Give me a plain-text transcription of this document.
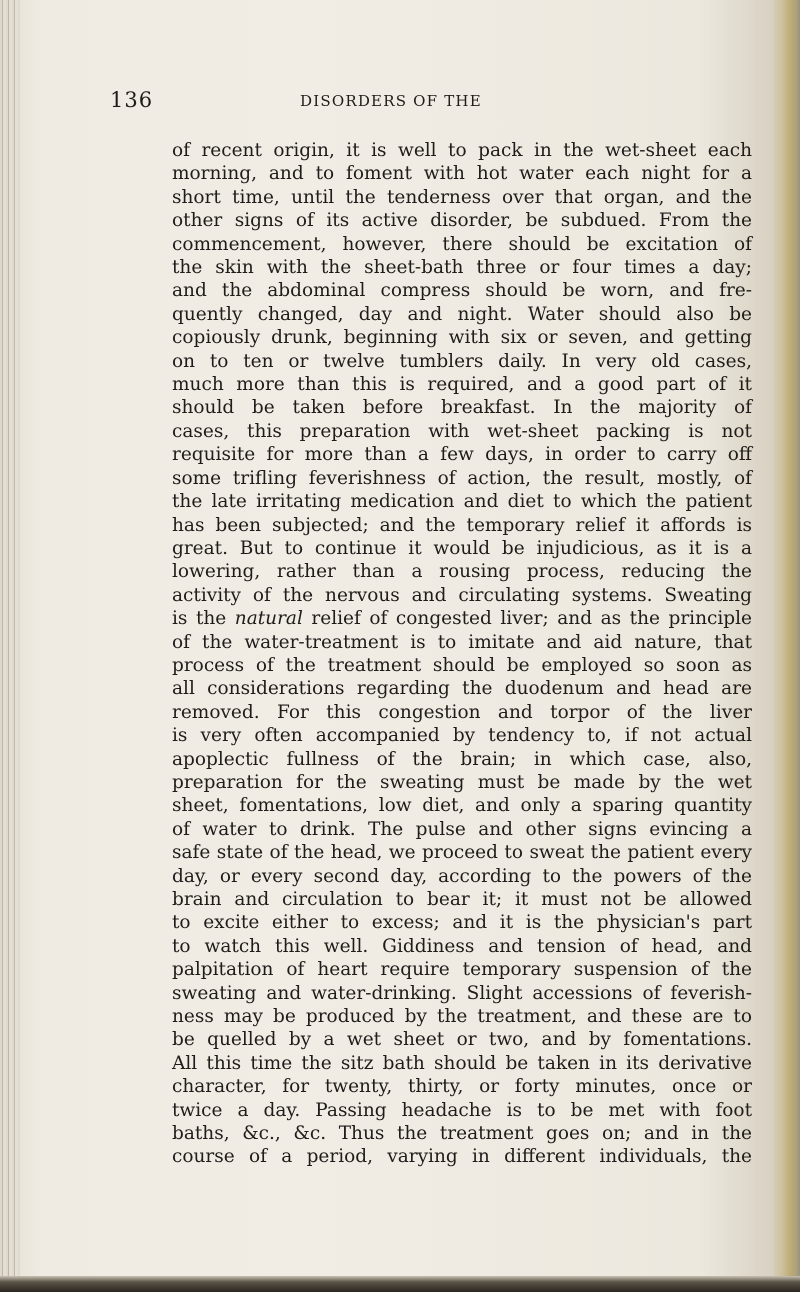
136	DISORDERS OF THE
of recent origin, it is well to pack in the wet-sheet each
morning, and to foment with hot water each night for a
short time, until the tenderness over that organ, and the
other signs of its active disorder, be subdued. From the
commencement, however, there should be excitation of
the skin with the sheet-bath three or four times a day;
and the abdominal compress should be worn, and fre-
quently changed, day and night. Water should also be
copiously drunk, beginning with six or seven, and getting
on to ten or twelve tumblers daily. In very old cases,
much more than this is required, and a good part of it
should be taken before breakfast. In the majority of
cases, this preparation with wet-sheet packing is not
requisite for more than a few days, in order to carry off
some trifling feverishness of action, the result, mostly, of
the late irritating medication and diet to which the patient
has been subjected; and the temporary relief it affords is
great. But to continue it would be injudicious, as it is a
lowering, rather than a rousing process, reducing the
activity of the nervous and circulating systems. Sweating
is the natural relief of congested liver; and as the principle
of the water-treatment is to imitate and aid nature, that
process of the treatment should be employed so soon as
all considerations regarding the duodenum and head are
removed. For this congestion and torpor of the liver
is very often accompanied by tendency to, if not actual
apoplectic fullness of the brain; in which case, also,
preparation for the sweating must be made by the wet
sheet, fomentations, low diet, and only a sparing quantity
of water to drink. The pulse and other signs evincing a
safe state of the head, we proceed to sweat the patient every
day, or every second day, according to the powers of the
brain and circulation to bear it; it must not be allowed
to excite either to excess; and it is the physician's part
to watch this well. Giddiness and tension of head, and
palpitation of heart require temporary suspension of the
sweating and water-drinking. Slight accessions of feverish-
ness may be produced by the treatment, and these are to
be quelled by a wet sheet or two, and by fomentations.
All this time the sitz bath should be taken in its derivative
character, for twenty, thirty, or forty minutes, once or
twice a day. Passing headache is to be met with foot
baths, &c., &c. Thus the treatment goes on; and in the
course of a period, varying in different individuals, the
